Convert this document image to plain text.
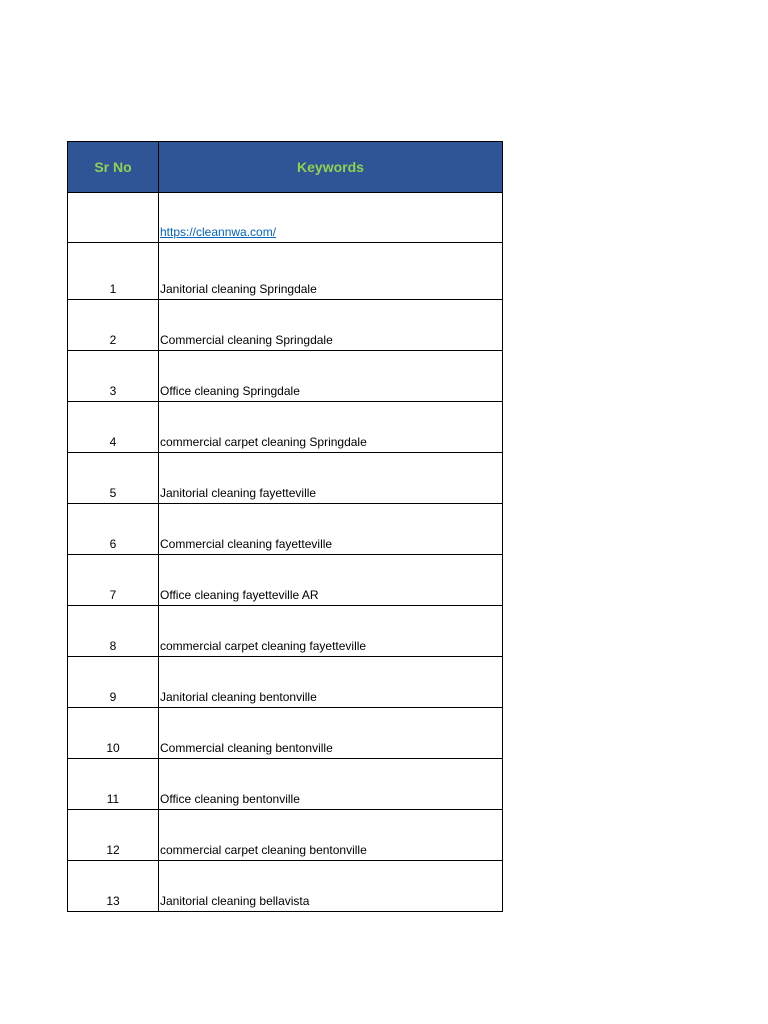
Sr No	Keywords
	https://cleannwa.com/
1	Janitorial cleaning Springdale
2	Commercial cleaning Springdale
3	Office cleaning Springdale
4	commercial carpet cleaning Springdale
5	Janitorial cleaning fayetteville
6	Commercial cleaning fayetteville
7	Office cleaning fayetteville AR
8	commercial carpet cleaning fayetteville
9	Janitorial cleaning bentonville
10	Commercial cleaning bentonville
11	Office cleaning bentonville
12	commercial carpet cleaning bentonville
13	Janitorial cleaning bellavista
